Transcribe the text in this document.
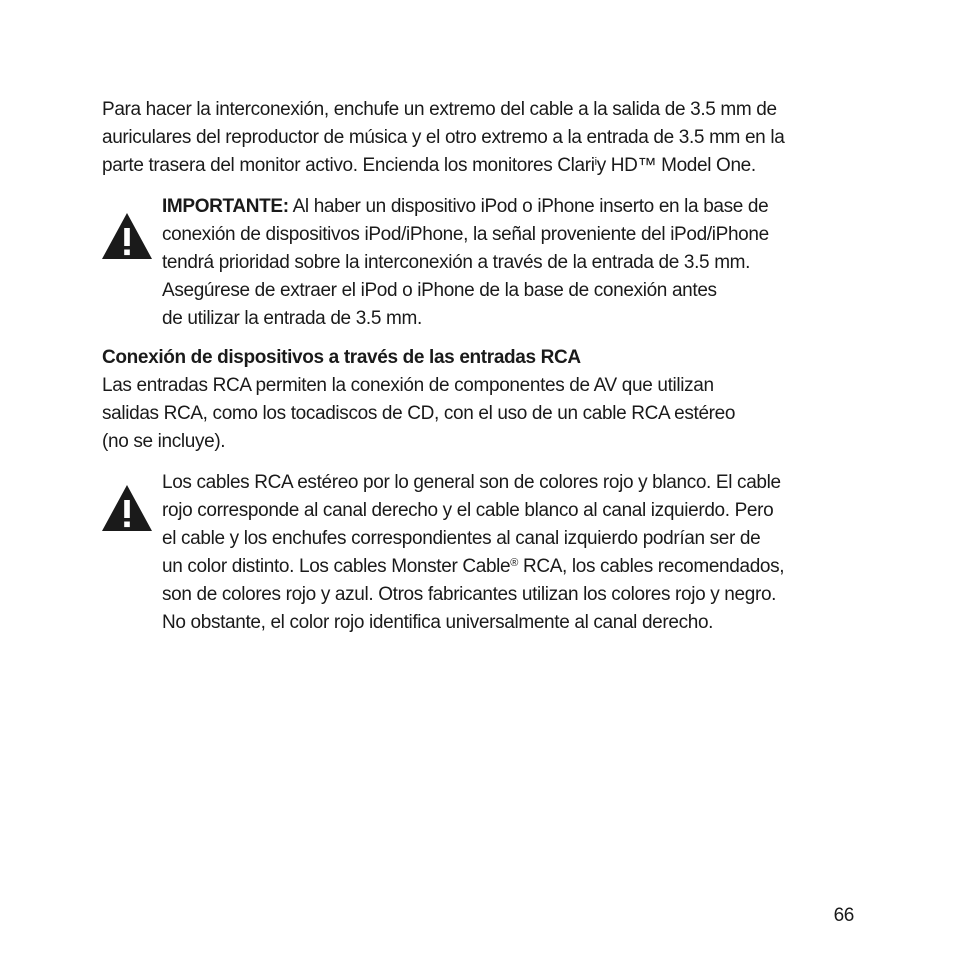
Para hacer la interconexión, enchufe un extremo del cable a la salida de 3.5 mm de
auriculares del reproductor de música y el otro extremo a la entrada de 3.5 mm en la
parte trasera del monitor activo. Encienda los monitores Clari$^i$y HD™ Model One.

IMPORTANTE: Al haber un dispositivo iPod o iPhone inserto en la base de
conexión de dispositivos iPod/iPhone, la señal proveniente del iPod/iPhone
tendrá prioridad sobre la interconexión a través de la entrada de 3.5 mm.
Asegúrese de extraer el iPod o iPhone de la base de conexión antes
de utilizar la entrada de 3.5 mm.

Conexión de dispositivos a través de las entradas RCA

Las entradas RCA permiten la conexión de componentes de AV que utilizan
salidas RCA, como los tocadiscos de CD, con el uso de un cable RCA estéreo
(no se incluye).

Los cables RCA estéreo por lo general son de colores rojo y blanco. El cable
rojo corresponde al canal derecho y el cable blanco al canal izquierdo. Pero
el cable y los enchufes correspondientes al canal izquierdo podrían ser de
un color distinto. Los cables Monster Cable® RCA, los cables recomendados,
son de colores rojo y azul. Otros fabricantes utilizan los colores rojo y negro.
No obstante, el color rojo identifica universalmente al canal derecho.

66
